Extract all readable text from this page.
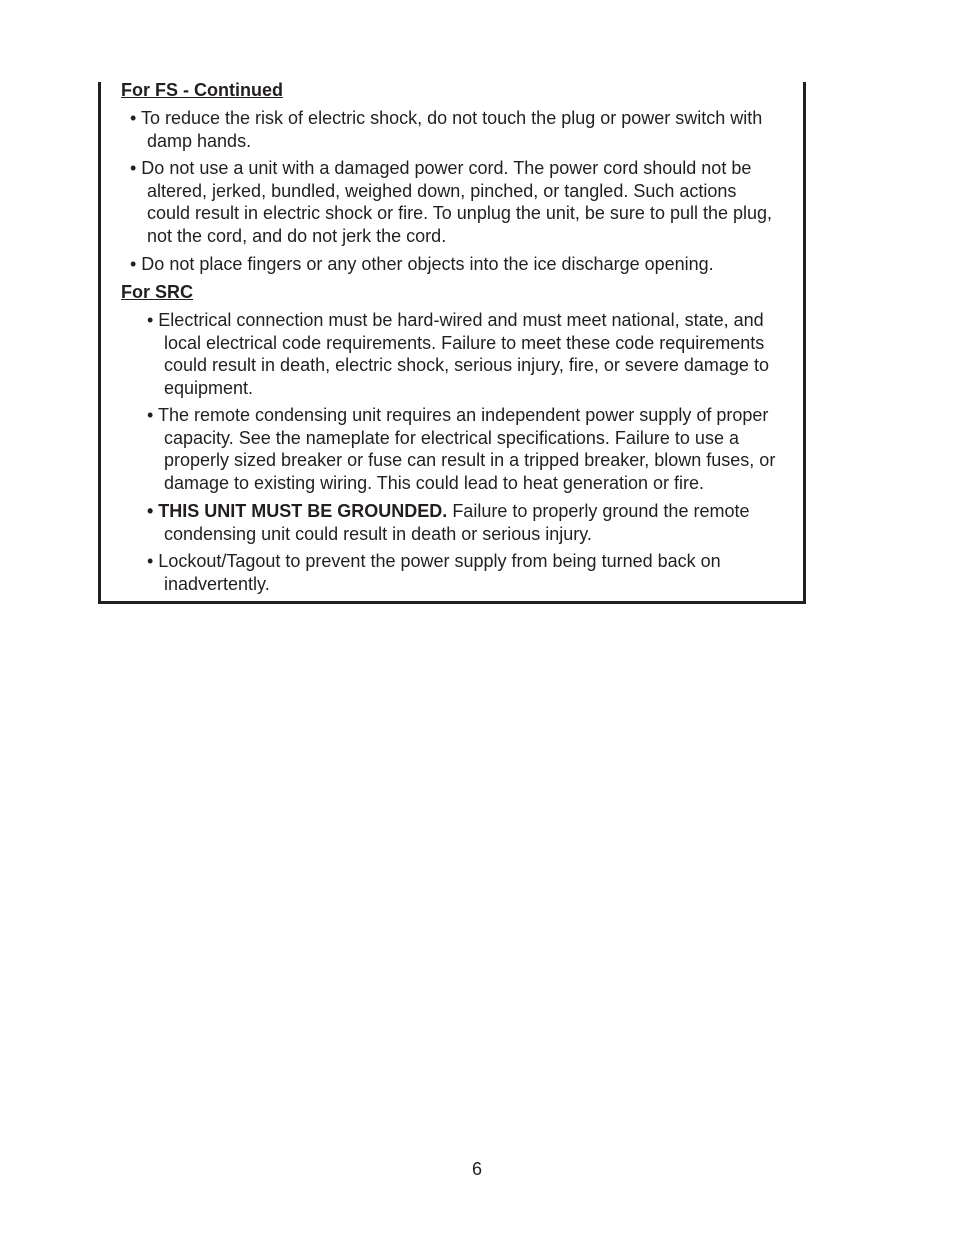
For FS - Continued

• To reduce the risk of electric shock, do not touch the plug or power switch with
damp hands.
• Do not use a unit with a damaged power cord. The power cord should not be
altered, jerked, bundled, weighed down, pinched, or tangled. Such actions
could result in electric shock or fire. To unplug the unit, be sure to pull the plug,
not the cord, and do not jerk the cord.
• Do not place fingers or any other objects into the ice discharge opening.

For SRC

• Electrical connection must be hard-wired and must meet national, state, and
local electrical code requirements. Failure to meet these code requirements
could result in death, electric shock, serious injury, fire, or severe damage to
equipment.
• The remote condensing unit requires an independent power supply of proper
capacity. See the nameplate for electrical specifications. Failure to use a
properly sized breaker or fuse can result in a tripped breaker, blown fuses, or
damage to existing wiring. This could lead to heat generation or fire.
• THIS UNIT MUST BE GROUNDED. Failure to properly ground the remote
condensing unit could result in death or serious injury.
• Lockout/Tagout to prevent the power supply from being turned back on
inadvertently.
6
